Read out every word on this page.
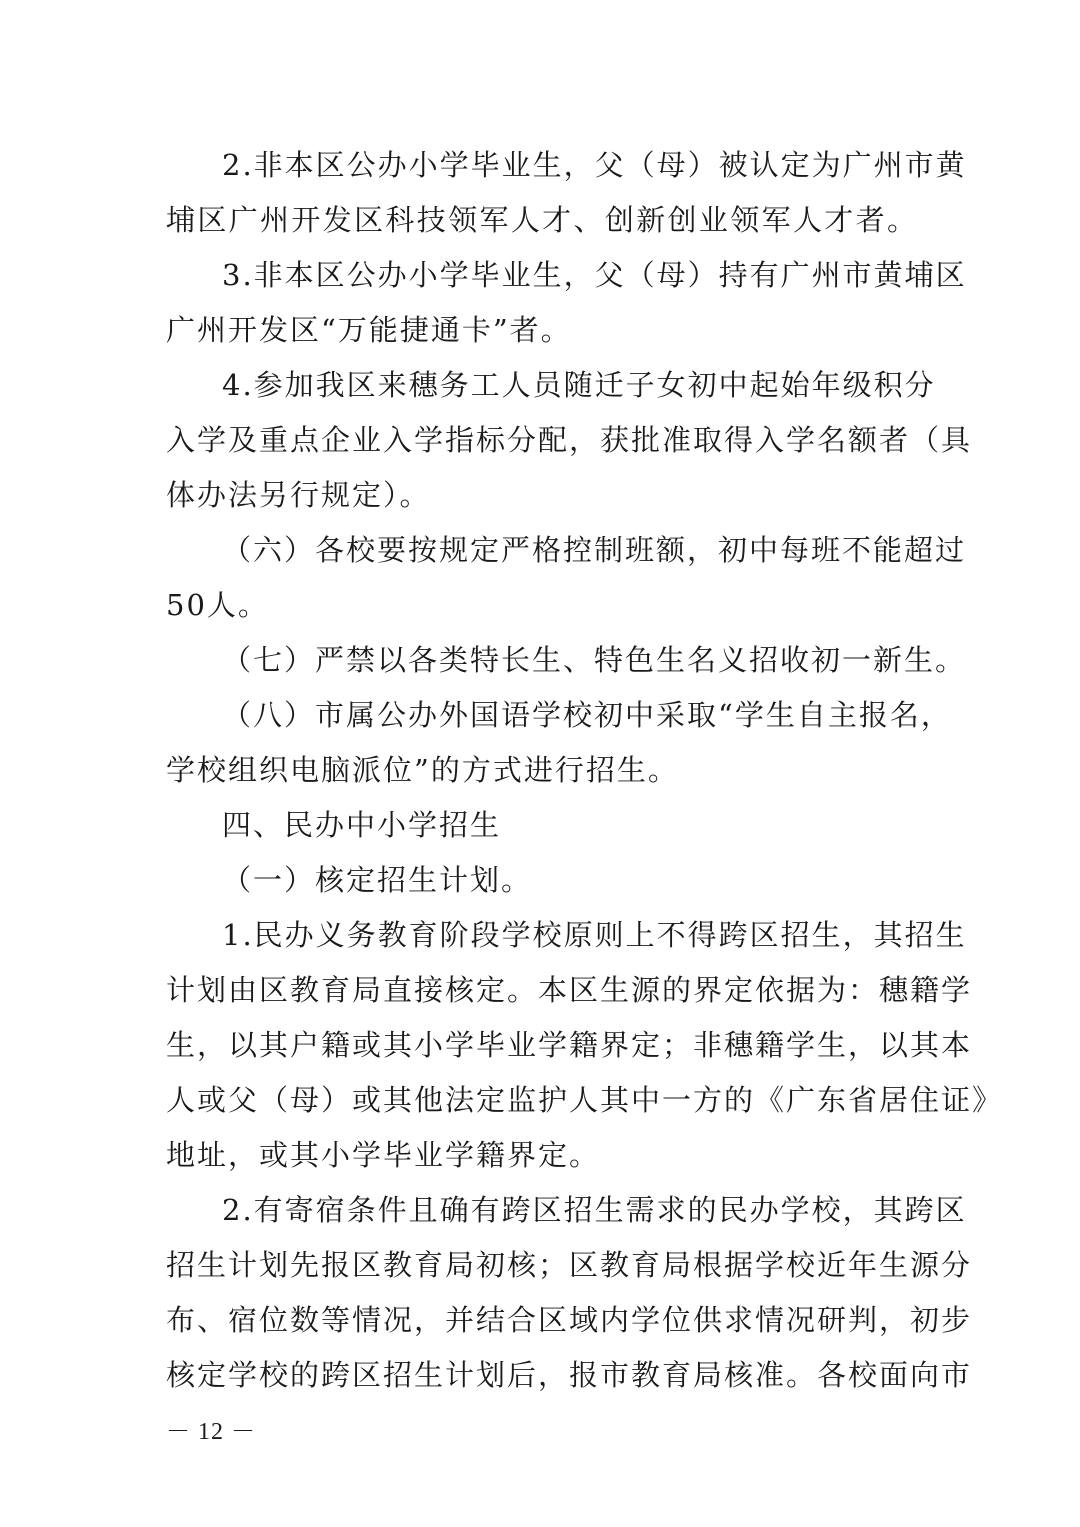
2.非本区公办小学毕业生，父（母）被认定为广州市黄
埔区广州开发区科技领军人才、创新创业领军人才者。
3.非本区公办小学毕业生，父（母）持有广州市黄埔区
广州开发区“万能捷通卡”者。
4.参加我区来穗务工人员随迁子女初中起始年级积分
入学及重点企业入学指标分配，获批准取得入学名额者（具
体办法另行规定）。
（六）各校要按规定严格控制班额，初中每班不能超过
50人。
（七）严禁以各类特长生、特色生名义招收初一新生。
（八）市属公办外国语学校初中采取“学生自主报名，
学校组织电脑派位”的方式进行招生。
四、民办中小学招生
（一）核定招生计划。
1.民办义务教育阶段学校原则上不得跨区招生，其招生
计划由区教育局直接核定。本区生源的界定依据为：穗籍学
生，以其户籍或其小学毕业学籍界定；非穗籍学生，以其本
人或父（母）或其他法定监护人其中一方的《广东省居住证》
地址，或其小学毕业学籍界定。
2.有寄宿条件且确有跨区招生需求的民办学校，其跨区
招生计划先报区教育局初核；区教育局根据学校近年生源分
布、宿位数等情况，并结合区域内学位供求情况研判，初步
核定学校的跨区招生计划后，报市教育局核准。各校面向市
－ 12 －
